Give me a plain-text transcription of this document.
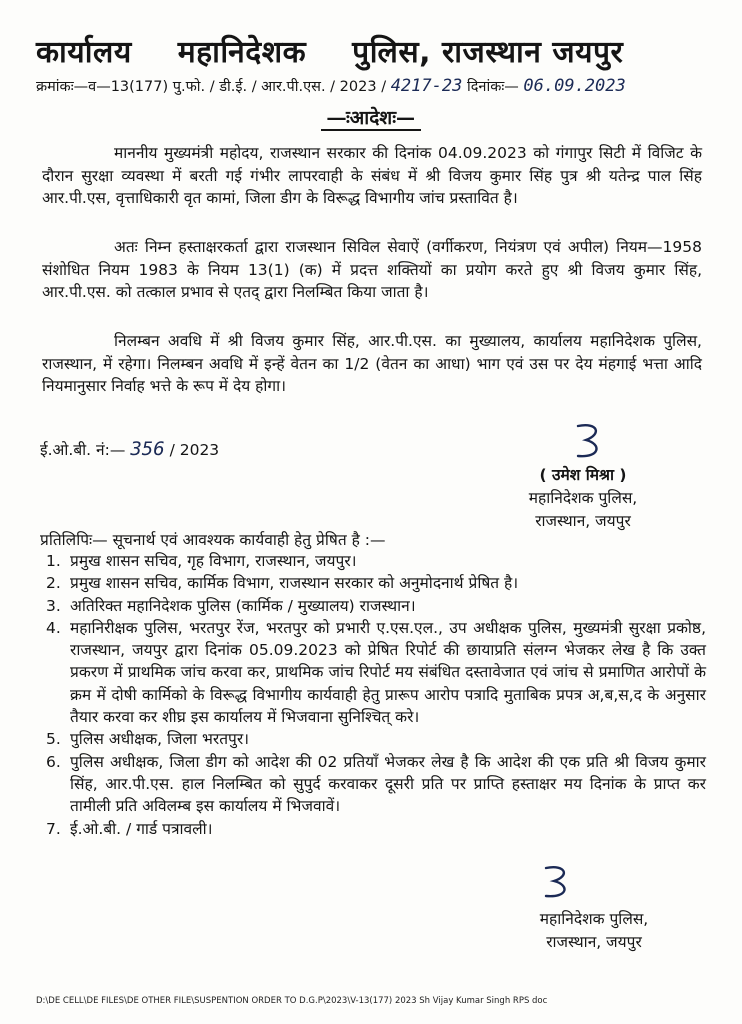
कार्यालय महानिदेशक पुलिस, राजस्थान जयपुर
क्रमांकः—व—13(177) पु.फो. / डी.ई. / आर.पी.एस. / 2023 / 4217-23 दिनांकः— 06.09.2023
—ःआदेशः—

माननीय मुख्यमंत्री महोदय, राजस्थान सरकार की दिनांक 04.09.2023 को गंगापुर सिटी में विजिट के दौरान सुरक्षा व्यवस्था में बरती गई गंभीर लापरवाही के संबंध में श्री विजय कुमार सिंह पुत्र श्री यतेन्द्र पाल सिंह आर.पी.एस, वृत्ताधिकारी वृत कामां, जिला डीग के विरूद्ध विभागीय जांच प्रस्तावित है।

अतः निम्न हस्ताक्षरकर्ता द्वारा राजस्थान सिविल सेवाऐं (वर्गीकरण, नियंत्रण एवं अपील) नियम—1958 संशोधित नियम 1983 के नियम 13(1) (क) में प्रदत्त शक्तियों का प्रयोग करते हुए श्री विजय कुमार सिंह, आर.पी.एस. को तत्काल प्रभाव से एतद् द्वारा निलम्बित किया जाता है।

निलम्बन अवधि में श्री विजय कुमार सिंह, आर.पी.एस. का मुख्यालय, कार्यालय महानिदेशक पुलिस, राजस्थान, में रहेगा। निलम्बन अवधि में इन्हें वेतन का 1/2 (वेतन का आधा) भाग एवं उस पर देय मंहगाई भत्ता आदि नियमानुसार निर्वाह भत्ते के रूप में देय होगा।

ई.ओ.बी. नं:— 356 / 2023
( उमेश मिश्रा )
महानिदेशक पुलिस,
राजस्थान, जयपुर
प्रतिलिपिः— सूचनार्थ एवं आवश्यक कार्यवाही हेतु प्रेषित है :—
1. प्रमुख शासन सचिव, गृह विभाग, राजस्थान, जयपुर।
2. प्रमुख शासन सचिव, कार्मिक विभाग, राजस्थान सरकार को अनुमोदनार्थ प्रेषित है।
3. अतिरिक्त महानिदेशक पुलिस (कार्मिक / मुख्यालय) राजस्थान।
4. महानिरीक्षक पुलिस, भरतपुर रेंज, भरतपुर को प्रभारी ए.एस.एल., उप अधीक्षक पुलिस, मुख्यमंत्री सुरक्षा प्रकोष्ठ, राजस्थान, जयपुर द्वारा दिनांक 05.09.2023 को प्रेषित रिपोर्ट की छायाप्रति संलग्न भेजकर लेख है कि उक्त प्रकरण में प्राथमिक जांच करवा कर, प्राथमिक जांच रिपोर्ट मय संबंधित दस्तावेजात एवं जांच से प्रमाणित आरोपों के क्रम में दोषी कार्मिको के विरूद्ध विभागीय कार्यवाही हेतु प्रारूप आरोप पत्रादि मुताबिक प्रपत्र अ,ब,स,द के अनुसार तैयार करवा कर शीघ्र इस कार्यालय में भिजवाना सुनिश्चित् करे।
5. पुलिस अधीक्षक, जिला भरतपुर।
6. पुलिस अधीक्षक, जिला डीग को आदेश की 02 प्रतियाँ भेजकर लेख है कि आदेश की एक प्रति श्री विजय कुमार सिंह, आर.पी.एस. हाल निलम्बित को सुपुर्द करवाकर दूसरी प्रति पर प्राप्ति हस्ताक्षर मय दिनांक के प्राप्त कर तामीली प्रति अविलम्ब इस कार्यालय में भिजवावें।
7. ई.ओ.बी. / गार्ड पत्रावली।
महानिदेशक पुलिस,
राजस्थान, जयपुर
D:\DE CELL\DE FILES\DE OTHER FILE\SUSPENTION ORDER TO D.G.P\2023\V-13(177) 2023 Sh Vijay Kumar Singh RPS doc
